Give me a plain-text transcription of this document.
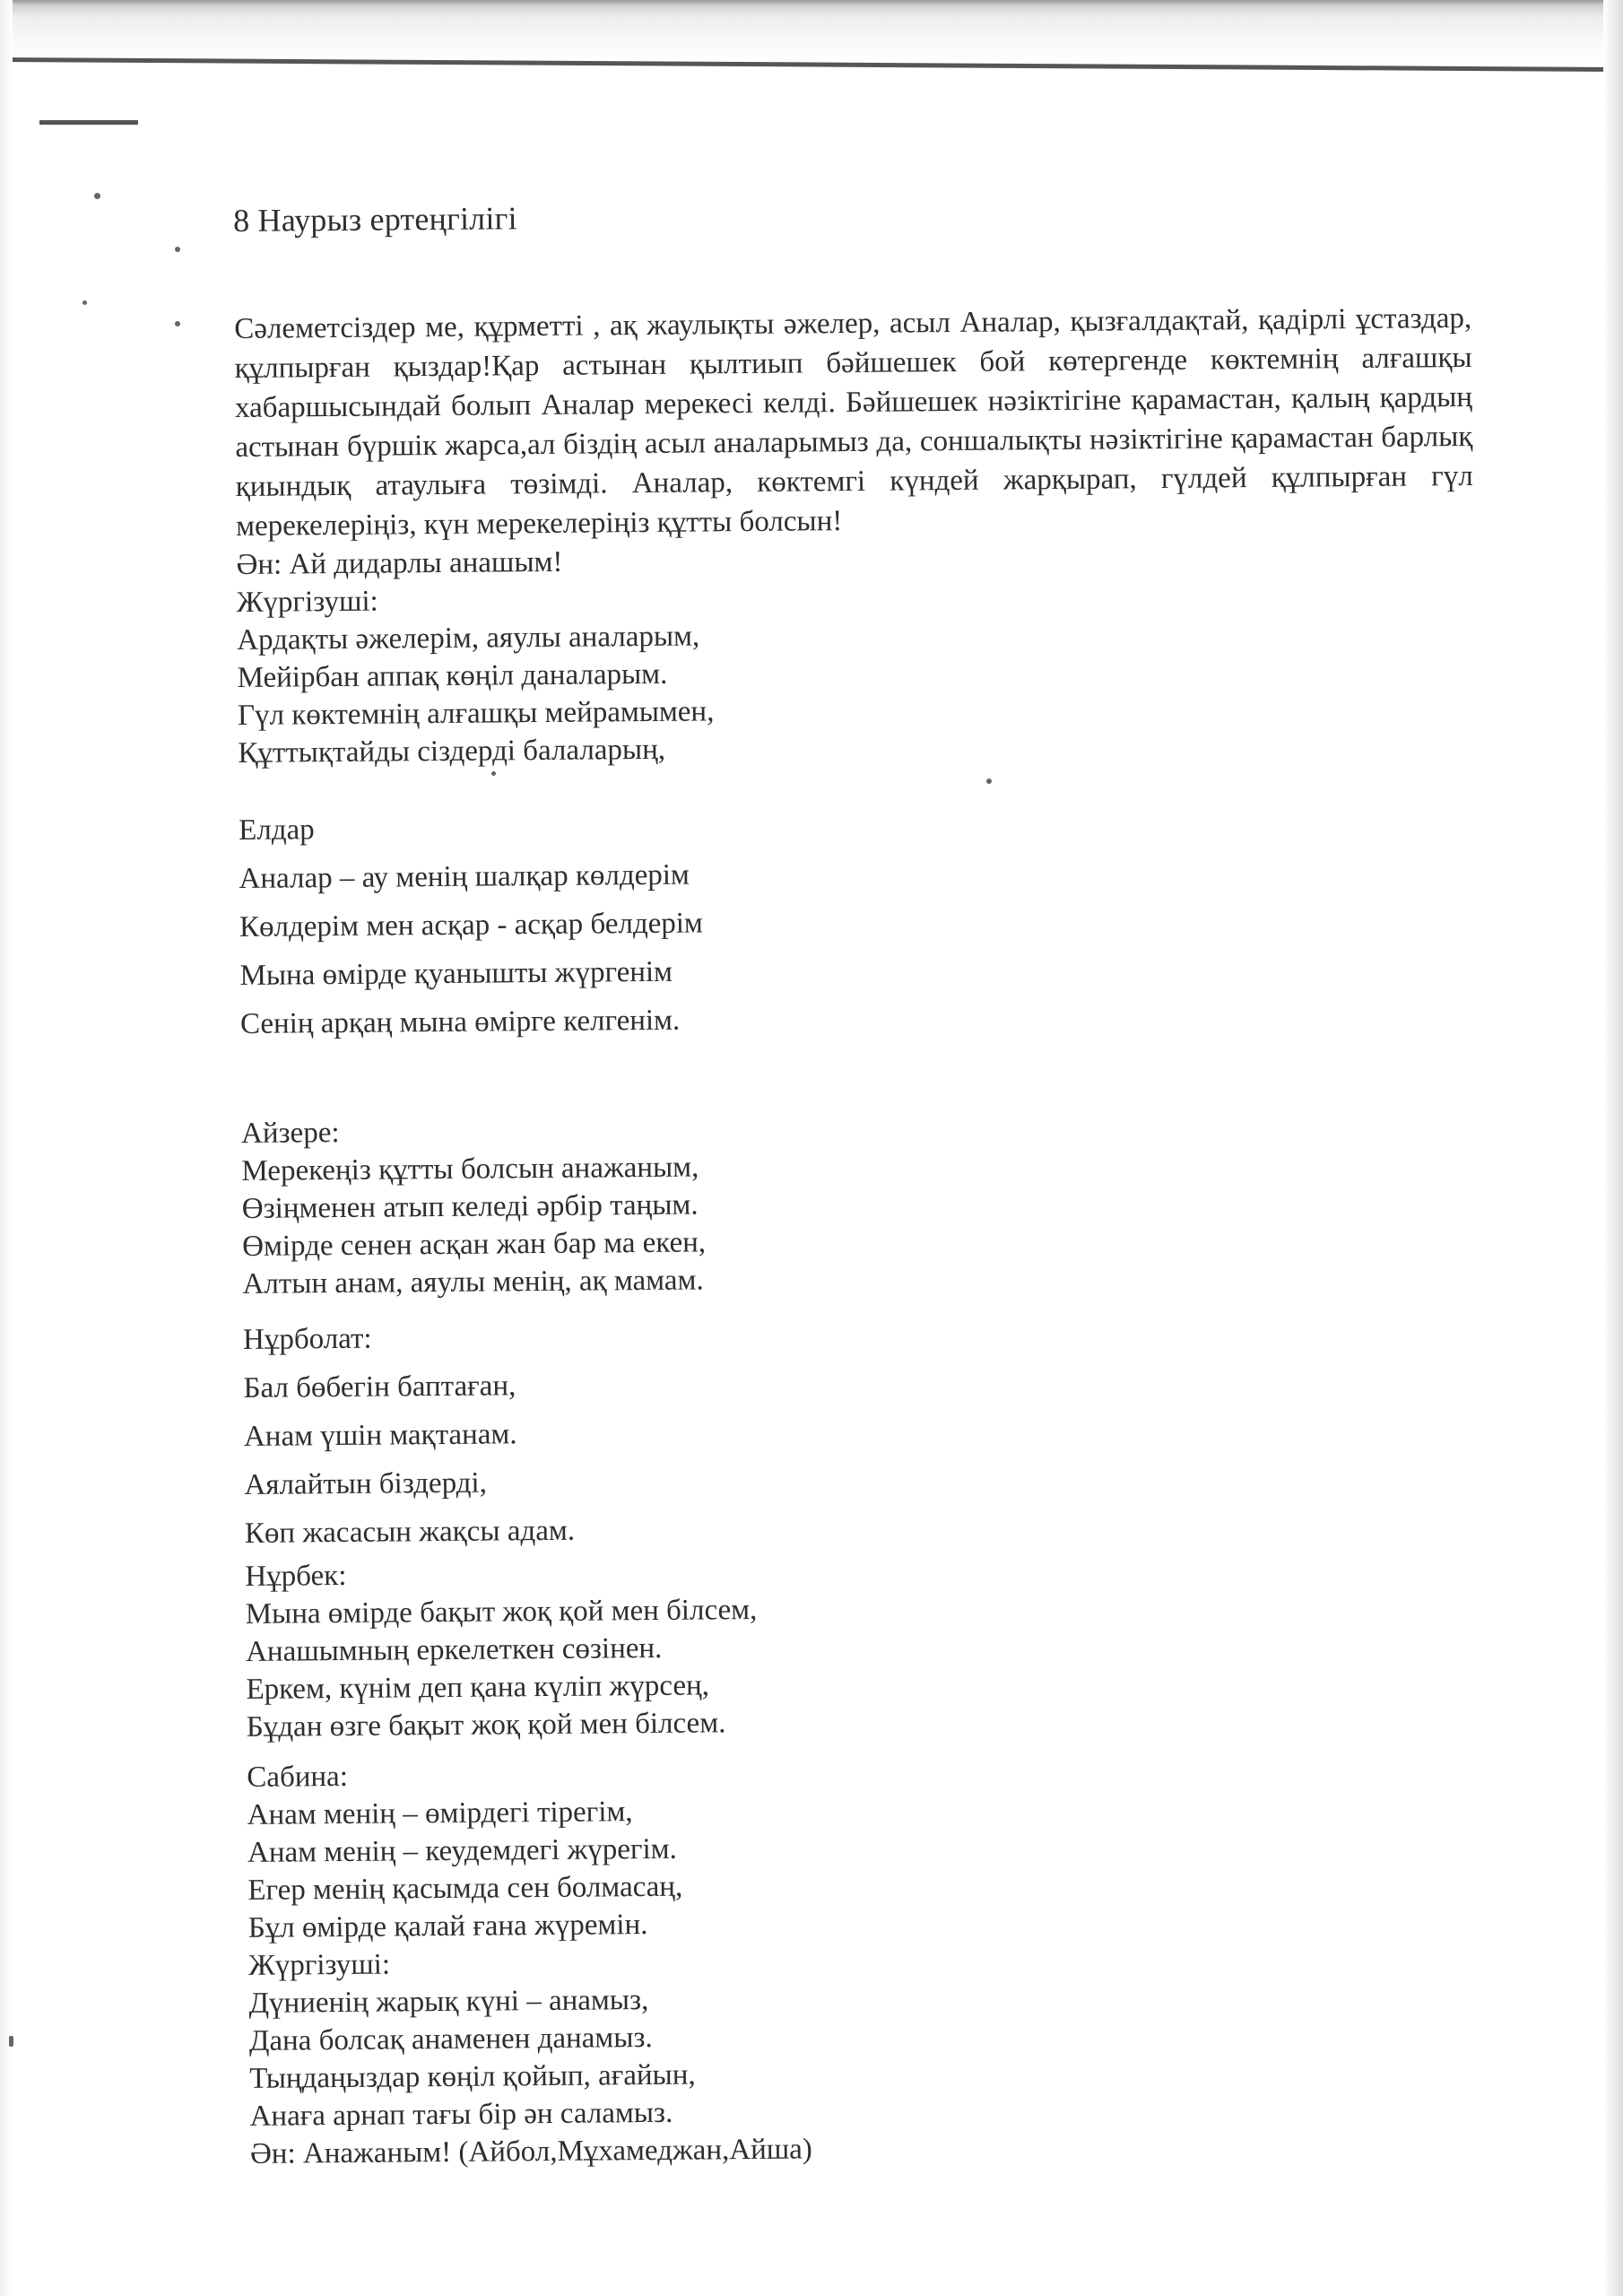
8 Наурыз ертеңгілігі

Сәлеметсіздер ме, құрметті , ақ жаулықты әжелер, асыл Аналар, қызғалдақтай, қадірлі ұстаздар, құлпырған қыздар!Қар астынан қылтиып бәйшешек бой көтергенде көктемнің алғашқы хабаршысындай болып Аналар мерекесі келді. Бәйшешек нәзіктігіне қарамастан, қалың қардың астынан бүршік жарса,ал біздің асыл аналарымыз да, соншалықты нәзіктігіне қарамастан барлық қиындық атаулыға төзімді. Аналар, көктемгі күндей жарқырап, гүлдей құлпырған гүл мерекелеріңіз, күн мерекелеріңіз құтты болсын!

Ән: Ай дидарлы анашым!
Жүргізуші:
Ардақты әжелерім, аяулы аналарым,
Мейірбан аппақ көңіл даналарым.
Гүл көктемнің алғашқы мейрамымен,
Құттықтайды сіздерді балаларың,
Елдар
Аналар – ау менің шалқар көлдерім
Көлдерім мен асқар - асқар белдерім
Мына өмірде қуанышты жүргенім
Сенің арқаң мына өмірге келгенім.
Айзере:
Мерекеңіз құтты болсын анажаным,
Өзіңменен атып келеді әрбір таңым.
Өмірде сенен асқан жан бар ма екен,
Алтын анам, аяулы менің, ақ мамам.
Нұрболат:
Бал бөбегін баптаған,
Анам үшін мақтанам.
Аялайтын біздерді,
Көп жасасын жақсы адам.
Нұрбек:
Мына өмірде бақыт жоқ қой мен білсем,
Анашымның еркелеткен сөзінен.
Еркем, күнім деп қана күліп жүрсең,
Бұдан өзге бақыт жоқ қой мен білсем.
Сабина:
Анам менің – өмірдегі тірегім,
Анам менің – кеудемдегі жүрегім.
Егер менің қасымда сен болмасаң,
Бұл өмірде қалай ғана жүремін.
Жүргізуші:
Дүниенің жарық күні – анамыз,
Дана болсақ анаменен данамыз.
Тыңдаңыздар көңіл қойып, ағайын,
Анаға арнап тағы бір ән саламыз.
Ән: Анажаным! (Айбол,Мұхамеджан,Айша)
